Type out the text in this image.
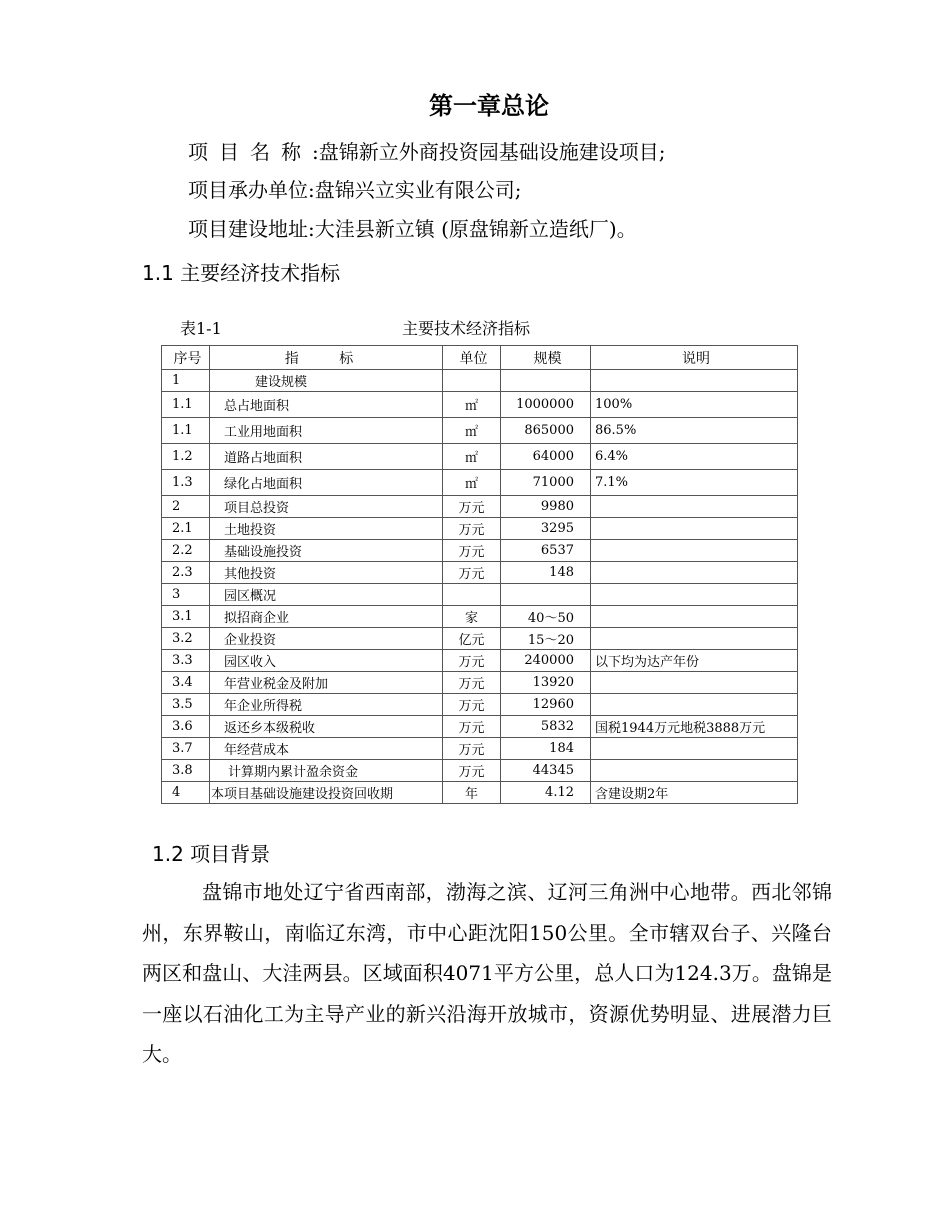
第一章总论
项目名称:盘锦新立外商投资园基础设施建设项目;
项目承办单位:盘锦兴立实业有限公司;
项目建设地址:大洼县新立镇 (原盘锦新立造纸厂)。
1.1 主要经济技术指标
表1-1	主要技术经济指标
序号	指 标	单位	规模	说明
1	建设规模			
1.1	总占地面积	㎡	1000000	100%
1.1	工业用地面积	㎡	865000	86.5%
1.2	道路占地面积	㎡	64000	6.4%
1.3	绿化占地面积	㎡	71000	7.1%
2	项目总投资	万元	9980	
2.1	土地投资	万元	3295	
2.2	基础设施投资	万元	6537	
2.3	其他投资	万元	148	
3	园区概况			
3.1	拟招商企业	家	40～50	
3.2	企业投资	亿元	15～20	
3.3	园区收入	万元	240000	以下均为达产年份
3.4	年营业税金及附加	万元	13920	
3.5	年企业所得税	万元	12960	
3.6	返还乡本级税收	万元	5832	国税1944万元地税3888万元
3.7	年经营成本	万元	184	
3.8	计算期内累计盈余资金	万元	44345	
4	本项目基础设施建设投资回收期	年	4.12	含建设期2年
1.2 项目背景
盘锦市地处辽宁省西南部，渤海之滨、辽河三角洲中心地带。西北邻锦州，东界鞍山，南临辽东湾，市中心距沈阳150公里。全市辖双台子、兴隆台两区和盘山、大洼两县。区域面积4071平方公里，总人口为124.3万。盘锦是一座以石油化工为主导产业的新兴沿海开放城市，资源优势明显、进展潜力巨大。
